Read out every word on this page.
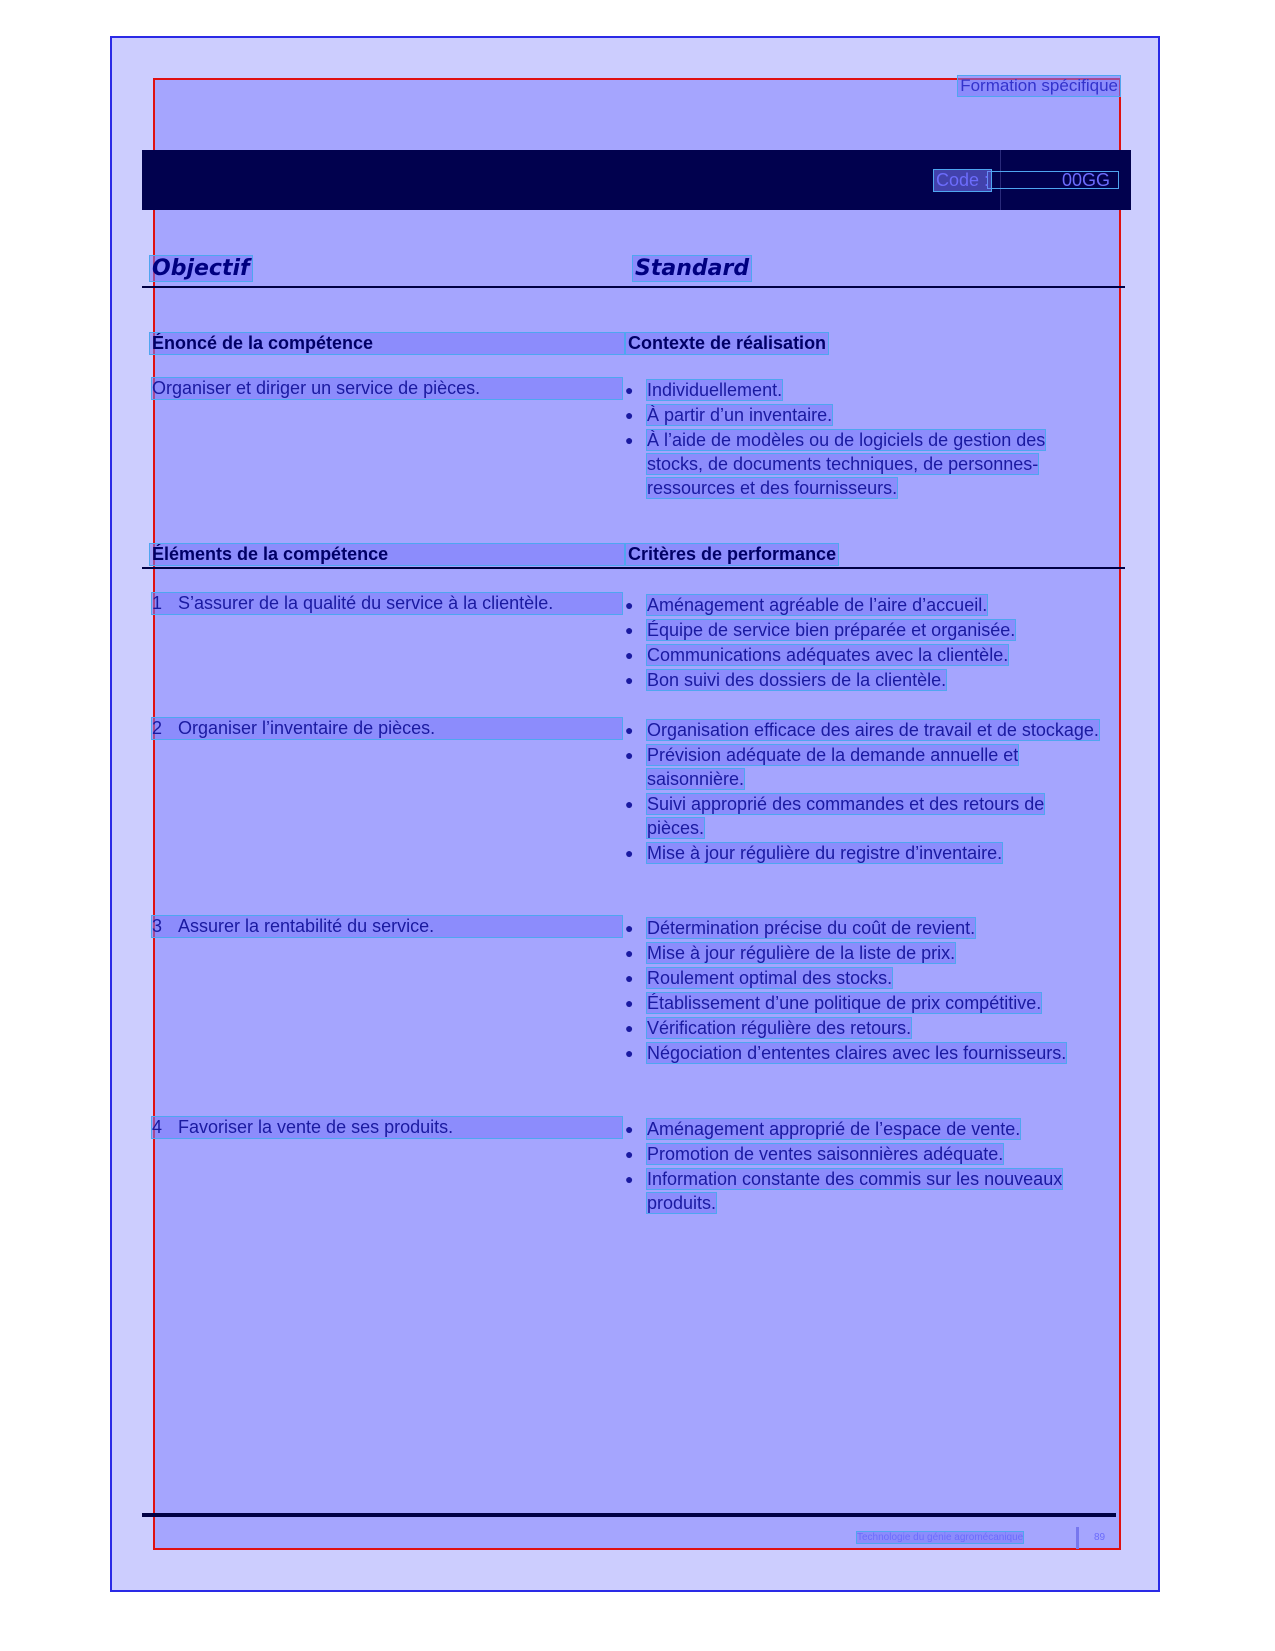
Formation spécifique
Code :	00GG
Objectif	Standard
Énoncé de la compétence	Contexte de réalisation
Organiser et diriger un service de pièces.	● Individuellement.
● À partir d’un inventaire.
● À l’aide de modèles ou de logiciels de gestion des stocks, de documents techniques, de personnes-ressources et des fournisseurs.
Éléments de la compétence	Critères de performance
1 S’assurer de la qualité du service à la clientèle.	● Aménagement agréable de l’aire d’accueil.
● Équipe de service bien préparée et organisée.
● Communications adéquates avec la clientèle.
● Bon suivi des dossiers de la clientèle.
2 Organiser l’inventaire de pièces.	● Organisation efficace des aires de travail et de stockage.
● Prévision adéquate de la demande annuelle et saisonnière.
● Suivi approprié des commandes et des retours de pièces.
● Mise à jour régulière du registre d’inventaire.
3 Assurer la rentabilité du service.	● Détermination précise du coût de revient.
● Mise à jour régulière de la liste de prix.
● Roulement optimal des stocks.
● Établissement d’une politique de prix compétitive.
● Vérification régulière des retours.
● Négociation d’ententes claires avec les fournisseurs.
4 Favoriser la vente de ses produits.	● Aménagement approprié de l’espace de vente.
● Promotion de ventes saisonnières adéquate.
● Information constante des commis sur les nouveaux produits.
Technologie du génie agromécanique	89
